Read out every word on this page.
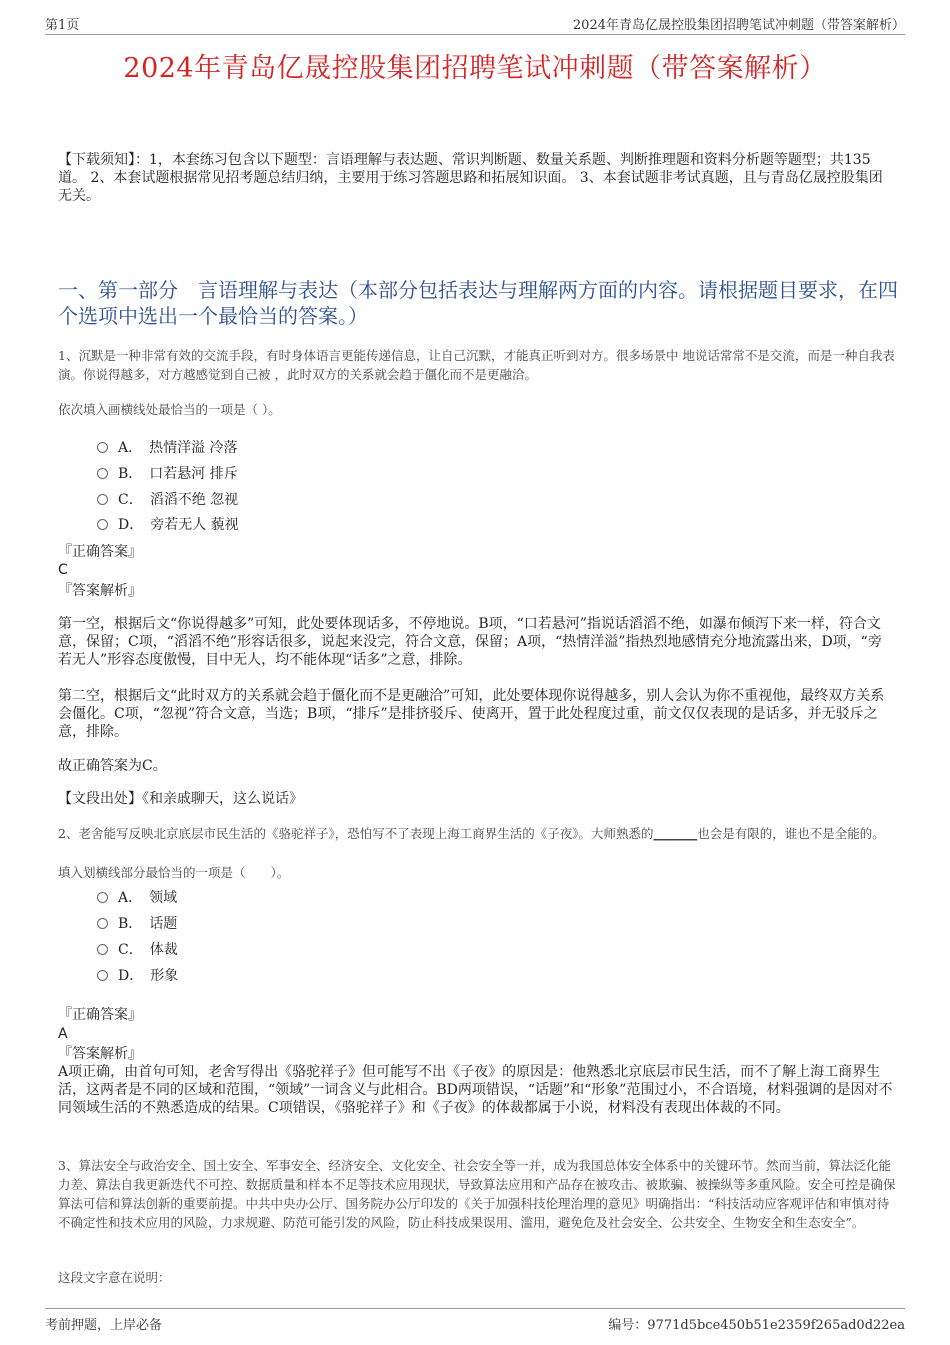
第1页	2024年青岛亿晟控股集团招聘笔试冲刺题（带答案解析）
2024年青岛亿晟控股集团招聘笔试冲刺题（带答案解析）
【下载须知】：1，本套练习包含以下题型：言语理解与表达题、常识判断题、数量关系题、判断推理题和资料分析题等题型；共135道。 2、本套试题根据常见招考题总结归纳，主要用于练习答题思路和拓展知识面。 3、本套试题非考试真题，且与青岛亿晟控股集团无关。
一、第一部分　言语理解与表达（本部分包括表达与理解两方面的内容。请根据题目要求，在四个选项中选出一个最恰当的答案。）
1、沉默是一种非常有效的交流手段，有时身体语言更能传递信息，让自己沉默，才能真正听到对方。很多场景中 地说话常常不是交流，而是一种自我表演。你说得越多，对方越感觉到自己被 ，此时双方的关系就会趋于僵化而不是更融洽。
依次填入画横线处最恰当的一项是（ ）。
A．　热情洋溢 冷落
B．　口若悬河 排斥
C．　滔滔不绝 忽视
D．　旁若无人 藐视
『正确答案』
C
『答案解析』
第一空，根据后文“你说得越多”可知，此处要体现话多，不停地说。B项，“口若悬河”指说话滔滔不绝，如瀑布倾泻下来一样，符合文意，保留；C项，“滔滔不绝”形容话很多，说起来没完，符合文意，保留；A项，“热情洋溢”指热烈地感情充分地流露出来，D项，“旁若无人”形容态度傲慢，目中无人，均不能体现“话多”之意，排除。
第二空，根据后文“此时双方的关系就会趋于僵化而不是更融洽”可知，此处要体现你说得越多，别人会认为你不重视他，最终双方关系会僵化。C项，“忽视”符合文意，当选；B项，“排斥”是排挤驳斥、使离开，置于此处程度过重，前文仅仅表现的是话多，并无驳斥之意，排除。
故正确答案为C。
【文段出处】《和亲戚聊天，这么说话》
2、老舍能写反映北京底层市民生活的《骆驼祥子》，恐怕写不了表现上海工商界生活的《子夜》。大师熟悉的_______也会是有限的，谁也不是全能的。
填入划横线部分最恰当的一项是（　　）。
A．　领域
B．　话题
C．　体裁
D．　形象
『正确答案』
A
『答案解析』
A项正确，由首句可知，老舍写得出《骆驼祥子》但可能写不出《子夜》的原因是：他熟悉北京底层市民生活，而不了解上海工商界生活，这两者是不同的区域和范围，“领域”一词含义与此相合。BD两项错误，“话题”和“形象”范围过小，不合语境，材料强调的是因对不同领域生活的不熟悉造成的结果。C项错误，《骆驼祥子》和《子夜》的体裁都属于小说，材料没有表现出体裁的不同。
3、算法安全与政治安全、国土安全、军事安全、经济安全、文化安全、社会安全等一并，成为我国总体安全体系中的关键环节。然而当前，算法泛化能力差、算法自我更新迭代不可控、数据质量和样本不足等技术应用现状，导致算法应用和产品存在被攻击、被欺骗、被操纵等多重风险。安全可控是确保算法可信和算法创新的重要前提。中共中央办公厅、国务院办公厅印发的《关于加强科技伦理治理的意见》明确指出：“科技活动应客观评估和审慎对待不确定性和技术应用的风险，力求规避、防范可能引发的风险，防止科技成果误用、滥用，避免危及社会安全、公共安全、生物安全和生态安全”。
这段文字意在说明：
考前押题，上岸必备	编号：9771d5bce450b51e2359f265ad0d22ea
